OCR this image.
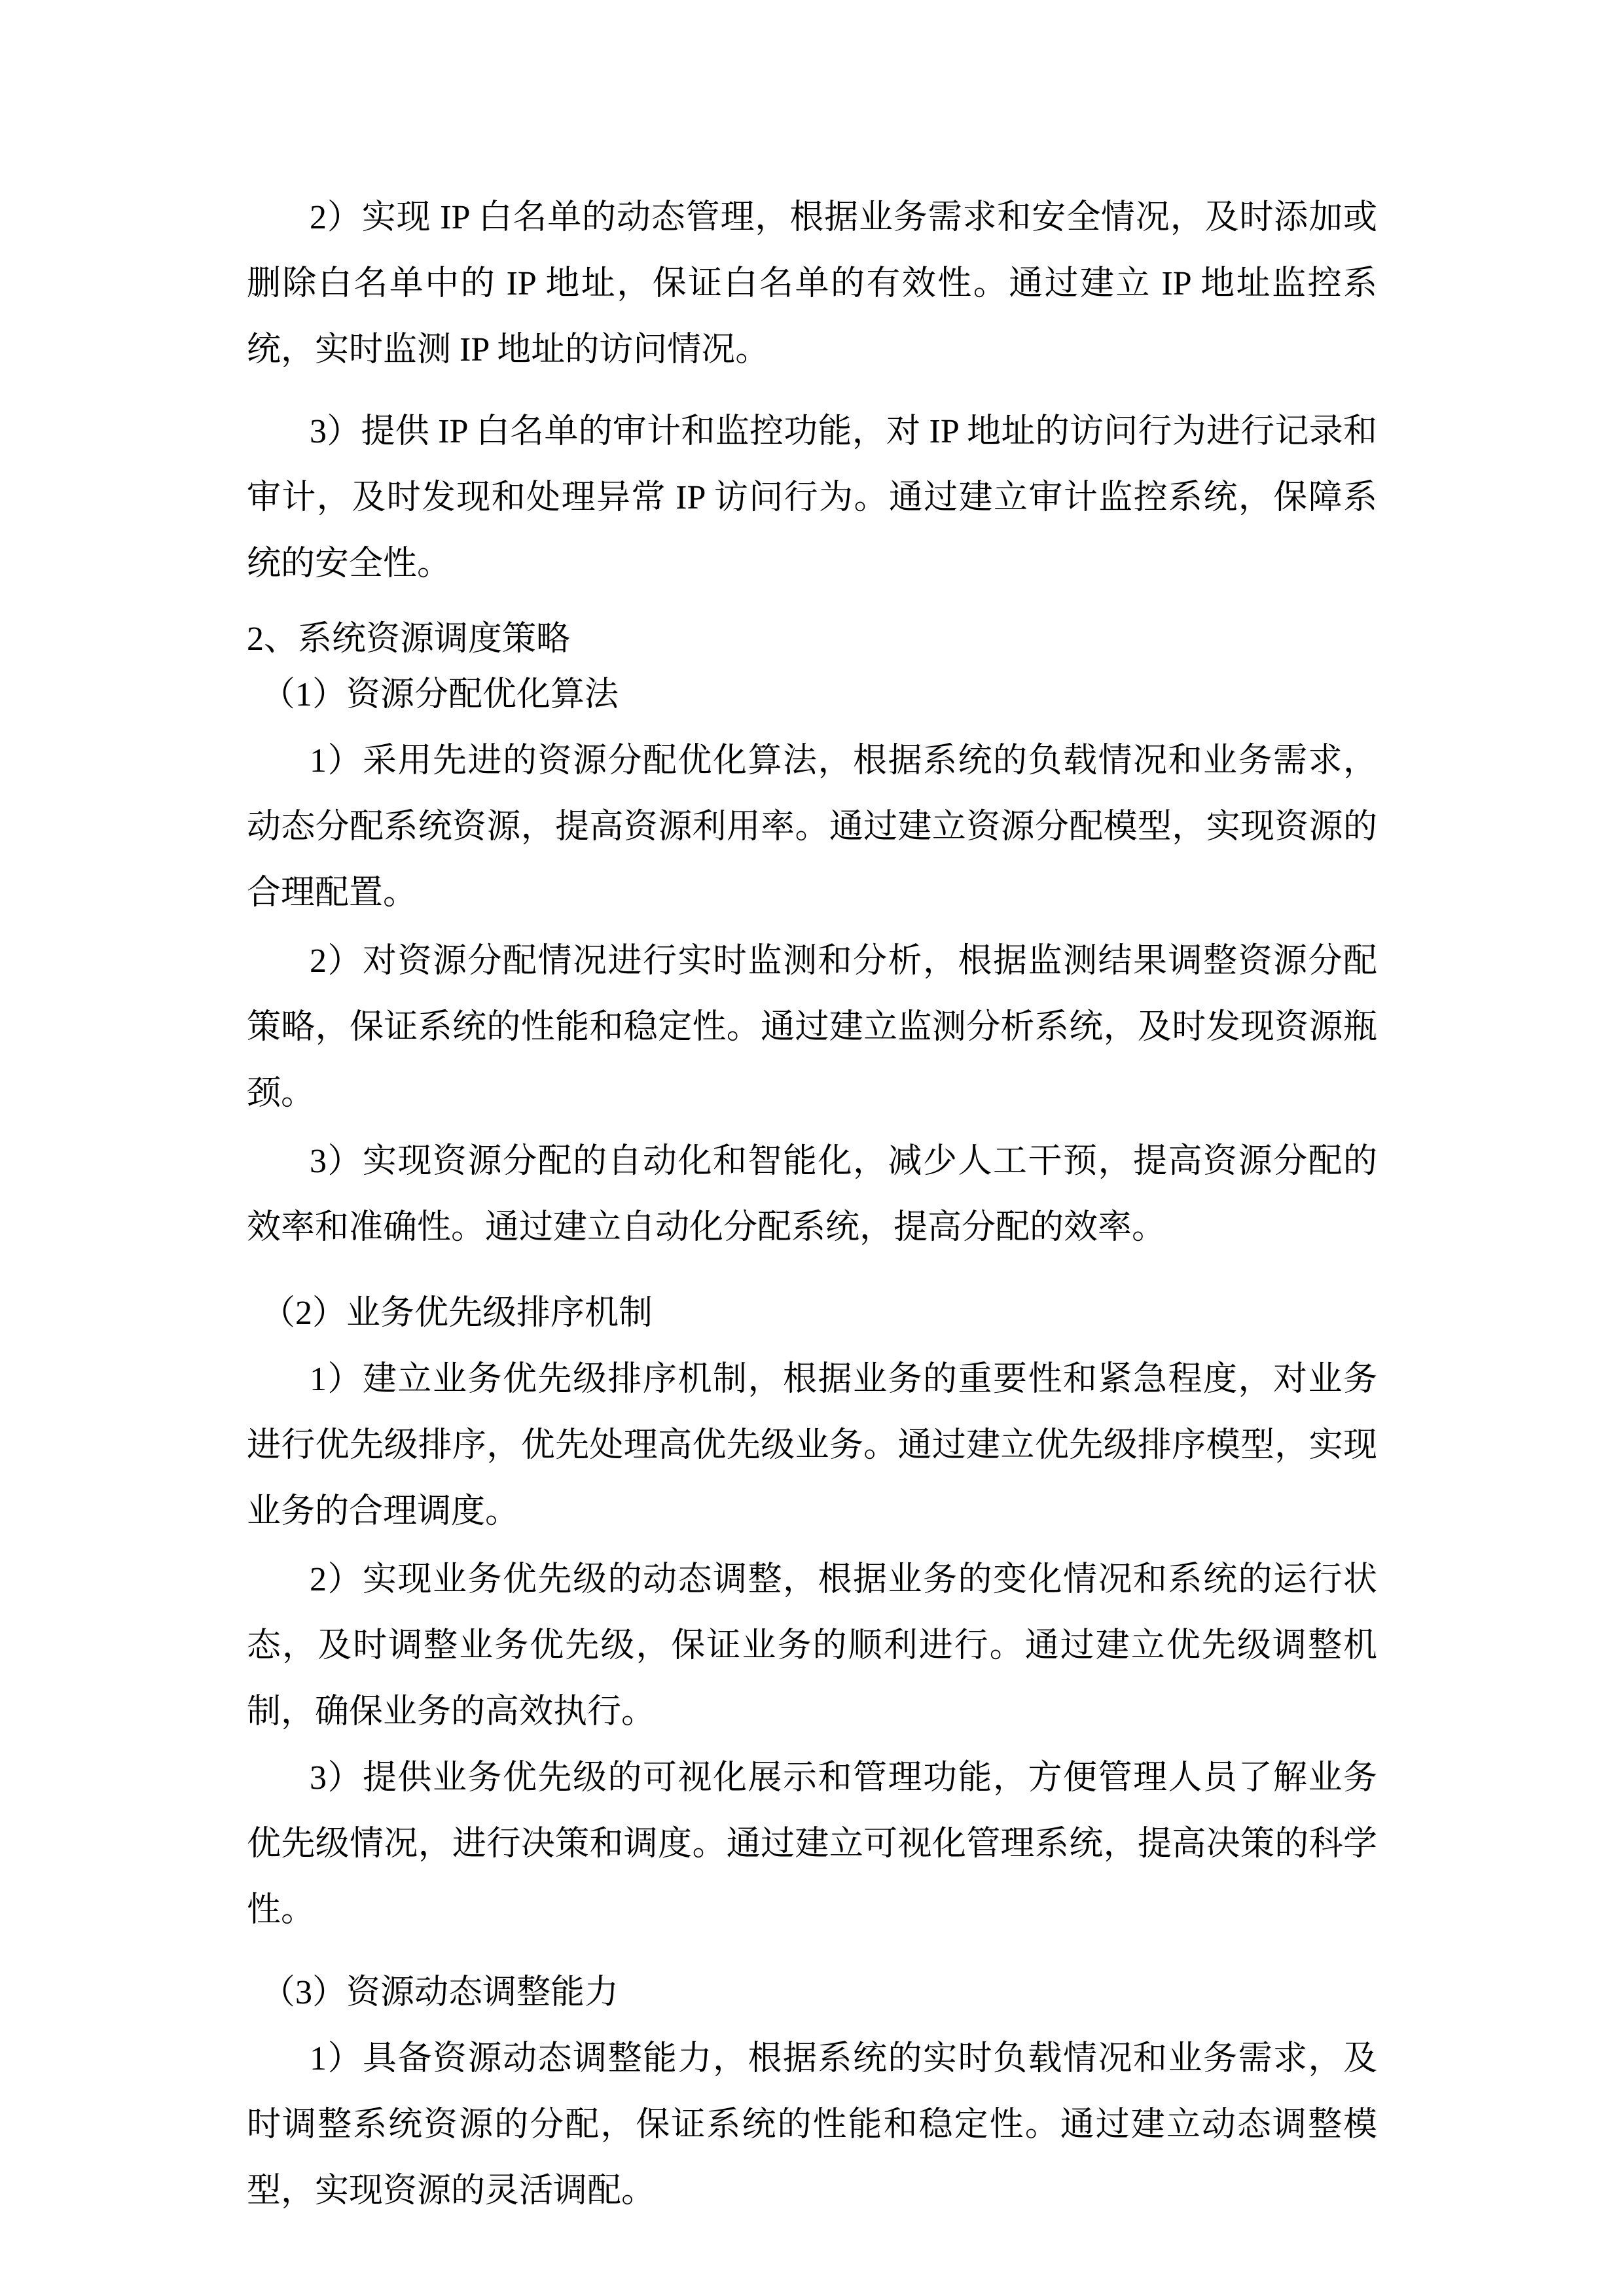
2）实现 IP 白名单的动态管理，根据业务需求和安全情况，及时添加或删除白名单中的 IP 地址，保证白名单的有效性。通过建立 IP 地址监控系统，实时监测 IP 地址的访问情况。

3）提供 IP 白名单的审计和监控功能，对 IP 地址的访问行为进行记录和审计，及时发现和处理异常 IP 访问行为。通过建立审计监控系统，保障系统的安全性。

2、系统资源调度策略
（1）资源分配优化算法

1）采用先进的资源分配优化算法，根据系统的负载情况和业务需求，动态分配系统资源，提高资源利用率。通过建立资源分配模型，实现资源的合理配置。

2）对资源分配情况进行实时监测和分析，根据监测结果调整资源分配策略，保证系统的性能和稳定性。通过建立监测分析系统，及时发现资源瓶颈。

3）实现资源分配的自动化和智能化，减少人工干预，提高资源分配的效率和准确性。通过建立自动化分配系统，提高分配的效率。

（2）业务优先级排序机制

1）建立业务优先级排序机制，根据业务的重要性和紧急程度，对业务进行优先级排序，优先处理高优先级业务。通过建立优先级排序模型，实现业务的合理调度。

2）实现业务优先级的动态调整，根据业务的变化情况和系统的运行状态，及时调整业务优先级，保证业务的顺利进行。通过建立优先级调整机制，确保业务的高效执行。

3）提供业务优先级的可视化展示和管理功能，方便管理人员了解业务优先级情况，进行决策和调度。通过建立可视化管理系统，提高决策的科学性。

（3）资源动态调整能力

1）具备资源动态调整能力，根据系统的实时负载情况和业务需求，及时调整系统资源的分配，保证系统的性能和稳定性。通过建立动态调整模型，实现资源的灵活调配。
